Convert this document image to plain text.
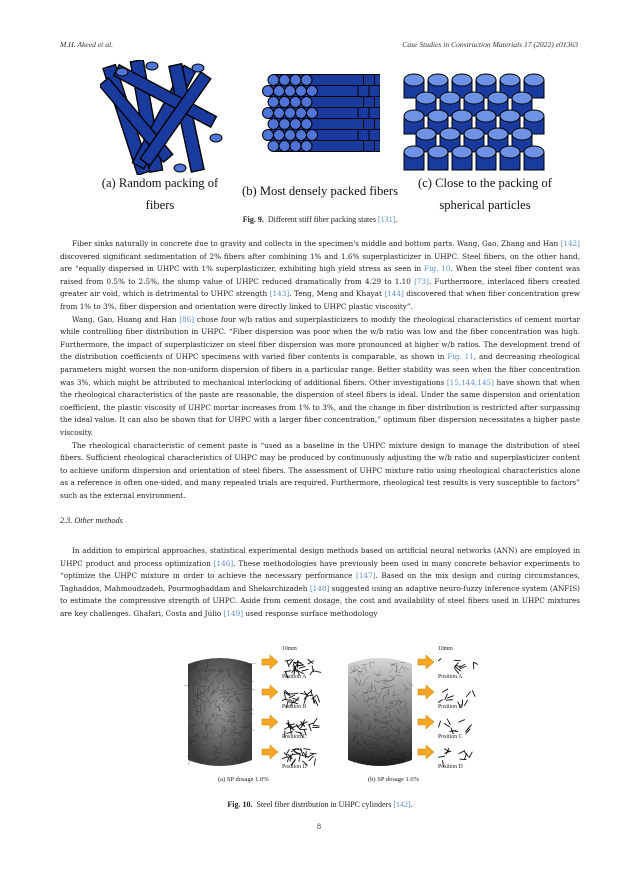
M.H. Akeed et al.	Case Studies in Construction Materials 17 (2022) e01363
(a) Random packing of
fibers
(b) Most densely packed fibers
(c) Close to the packing of
spherical particles
Fig. 9. Different stiff fiber packing states [131].

Fiber sinks naturally in concrete due to gravity and collects in the specimen's middle and bottom parts. Wang, Gao, Zhang and Han [142] discovered significant sedimentation of 2% fibers after combining 1% and 1.6% superplasticizer in UHPC. Steel fibers, on the other hand, are “equally dispersed in UHPC with 1% superplasticizer, exhibiting high yield stress as seen in Fig. 10. When the steel fiber content was raised from 0.5% to 2.5%, the slump value of UHPC reduced dramatically from 4.29 to 1.10 [73]. Furthermore, interlaced fibers created greater air void, which is detrimental to UHPC strength [143]. Teng, Meng and Khayat [144] discovered that when fiber concentration grew from 1% to 3%, fiber dispersion and orientation were directly linked to UHPC plastic viscosity”.

Wang, Gao, Huang and Han [86] chose four w/b ratios and superplasticizers to modify the rheological characteristics of cement mortar while controlling fiber distribution in UHPC. “Fiber dispersion was poor when the w/b ratio was low and the fiber concentration was high. Furthermore, the impact of superplasticizer on steel fiber dispersion was more pronounced at higher w/b ratios. The development trend of the distribution coefficients of UHPC specimens with varied fiber contents is comparable, as shown in Fig. 11, and decreasing rheological parameters might worsen the non-uniform dispersion of fibers in a particular range. Better stability was seen when the fiber concentration was 3%, which might be attributed to mechanical interlocking of additional fibers. Other investigations [15,144,145] have shown that when the rheological characteristics of the paste are reasonable, the dispersion of steel fibers is ideal. Under the same dispersion and orientation coefficient, the plastic viscosity of UHPC mortar increases from 1% to 3%, and the change in fiber distribution is restricted after surpassing the ideal value. It can also be shown that for UHPC with a larger fiber concentration,” optimum fiber dispersion necessitates a higher paste viscosity.

The rheological characteristic of cement paste is “used as a baseline in the UHPC mixture design to manage the distribution of steel fibers. Sufficient rheological characteristics of UHPC may be produced by continuously adjusting the w/b ratio and superplasticizer content to achieve uniform dispersion and orientation of steel fibers. The assessment of UHPC mixture ratio using rheological characteristics alone as a reference is often one-sided, and many repeated trials are required. Furthermore, rheological test results is very susceptible to factors” such as the external environment.

2.3. Other methods

In addition to empirical approaches, statistical experimental design methods based on artificial neural networks (ANN) are employed in UHPC product and process optimization [146]. These methodologies have previously been used in many concrete behavior experiments to “optimize the UHPC mixture in order to achieve the necessary performance [147]. Based on the mix design and curing circumstances, Taghaddos, Mahmoudzadeh, Pourmoghaddam and Shekarchizadeh [148] suggested using an adaptive neuro-fuzzy inference system (ANFIS) to estimate the compressive strength of UHPC. Aside from cement dosage, the cost and availability of steel fibers used in UHPC mixtures are key challenges. Ghafari, Costa and Júlio [149] used response surface methodology

10mm	10mm
Position A
Position B
Position C
Position D
Position A
Position B
Position C
Position D
(a) SP dosage 1.0%	(b) SP dosage 1.6%
Fig. 10. Steel fiber distribution in UHPC cylinders [142].
8
